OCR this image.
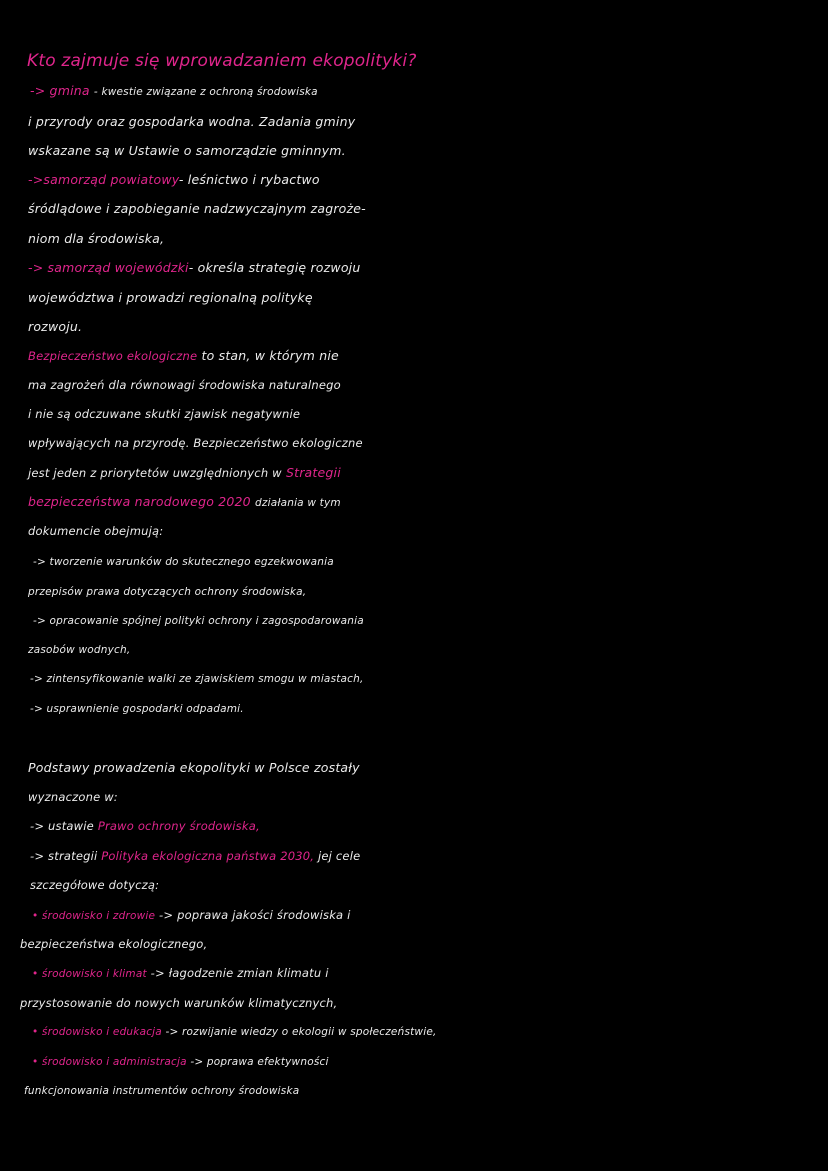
Kto zajmuje się wprowadzaniem ekopolityki?
-> gmina - kwestie związane z ochroną środowiska
i przyrody oraz gospodarka wodna. Zadania gminy
wskazane są w Ustawie o samorządzie gminnym.
->samorząd powiatowy- leśnictwo i rybactwo
śródlądowe i zapobieganie nadzwyczajnym zagroże-
niom dla środowiska,
-> samorząd wojewódzki- określa strategię rozwoju
województwa i prowadzi regionalną politykę
rozwoju.
Bezpieczeństwo ekologiczne to stan, w którym nie
ma zagrożeń dla równowagi środowiska naturalnego
i nie są odczuwane skutki zjawisk negatywnie
wpływających na przyrodę. Bezpieczeństwo ekologiczne
jest jeden z priorytetów uwzględnionych w Strategii
bezpieczeństwa narodowego 2020 działania w tym
dokumencie obejmują:
-> tworzenie warunków do skutecznego egzekwowania
przepisów prawa dotyczących ochrony środowiska,
-> opracowanie spójnej polityki ochrony i zagospodarowania
zasobów wodnych,
-> zintensyfikowanie walki ze zjawiskiem smogu w miastach,
-> usprawnienie gospodarki odpadami.
Podstawy prowadzenia ekopolityki w Polsce zostały
wyznaczone w:
-> ustawie Prawo ochrony środowiska,
-> strategii Polityka ekologiczna państwa 2030, jej cele
szczegółowe dotyczą:
• środowisko i zdrowie -> poprawa jakości środowiska i
bezpieczeństwa ekologicznego,
• środowisko i klimat -> łagodzenie zmian klimatu i
przystosowanie do nowych warunków klimatycznych,
• środowisko i edukacja -> rozwijanie wiedzy o ekologii w społeczeństwie,
• środowisko i administracja -> poprawa efektywności
funkcjonowania instrumentów ochrony środowiska
